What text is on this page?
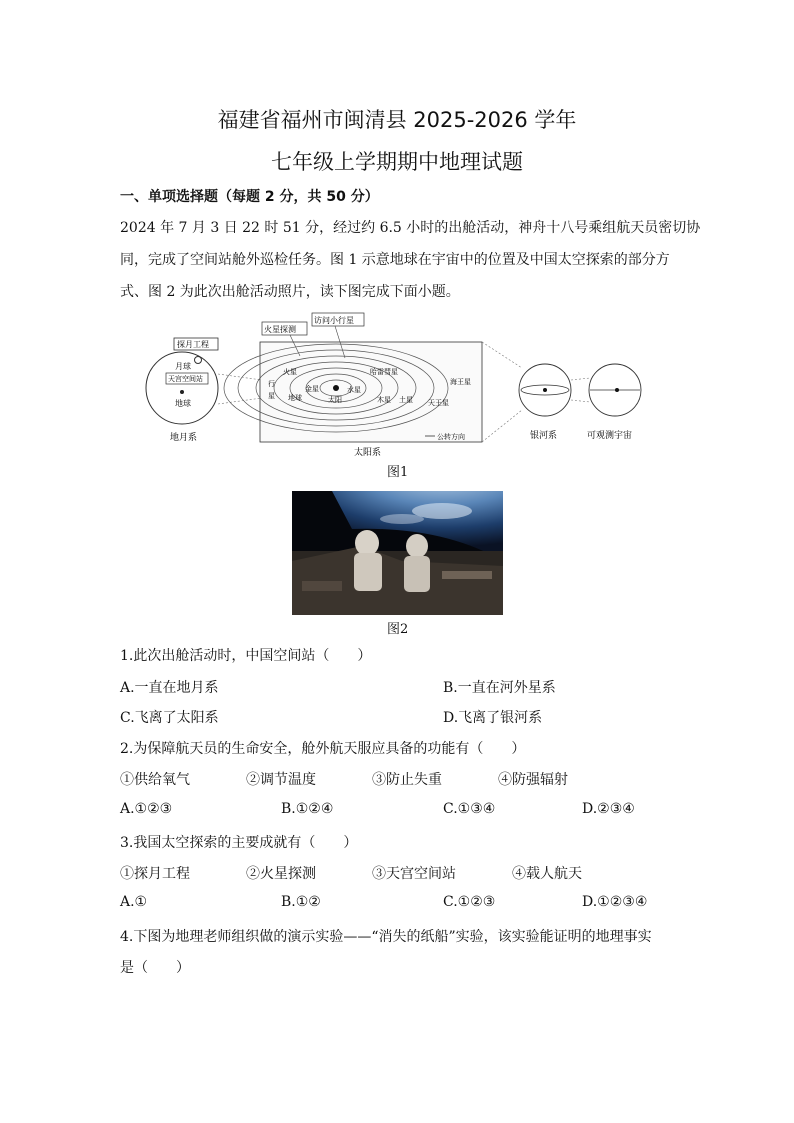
福建省福州市闽清县 2025-2026 学年
七年级上学期期中地理试题
一、单项选择题（每题 2 分，共 50 分）

2024 年 7 月 3 日 22 时 51 分，经过约 6.5 小时的出舱活动，神舟十八号乘组航天员密切协
同，完成了空间站舱外巡检任务。图 1 示意地球在宇宙中的位置及中国太空探索的部分方
式、图 2 为此次出舱活动照片，读下图完成下面小题。

探月工程
月球
天宫空间站
地球
地月系
火星探测
访问小行星
太阳
水星
金星
火星
行
星 地球
哈雷彗星
木星 土星
海王星
天王星
公转方向
太阳系
银河系	可观测宇宙
图1
图2
1.此次出舱活动时，中国空间站（　　）
A.一直在地月系	B.一直在河外星系
C.飞离了太阳系	D.飞离了银河系
2.为保障航天员的生命安全，舱外航天服应具备的功能有（　　）
①供给氧气	②调节温度	③防止失重	④防强辐射
A.①②③	B.①②④	C.①③④	D.②③④
3.我国太空探索的主要成就有（　　）
①探月工程	②火星探测	③天宫空间站	④载人航天
A.①	B.①②	C.①②③	D.①②③④
4.下图为地理老师组织做的演示实验——“消失的纸船”实验，该实验能证明的地理事实
是（　　）
